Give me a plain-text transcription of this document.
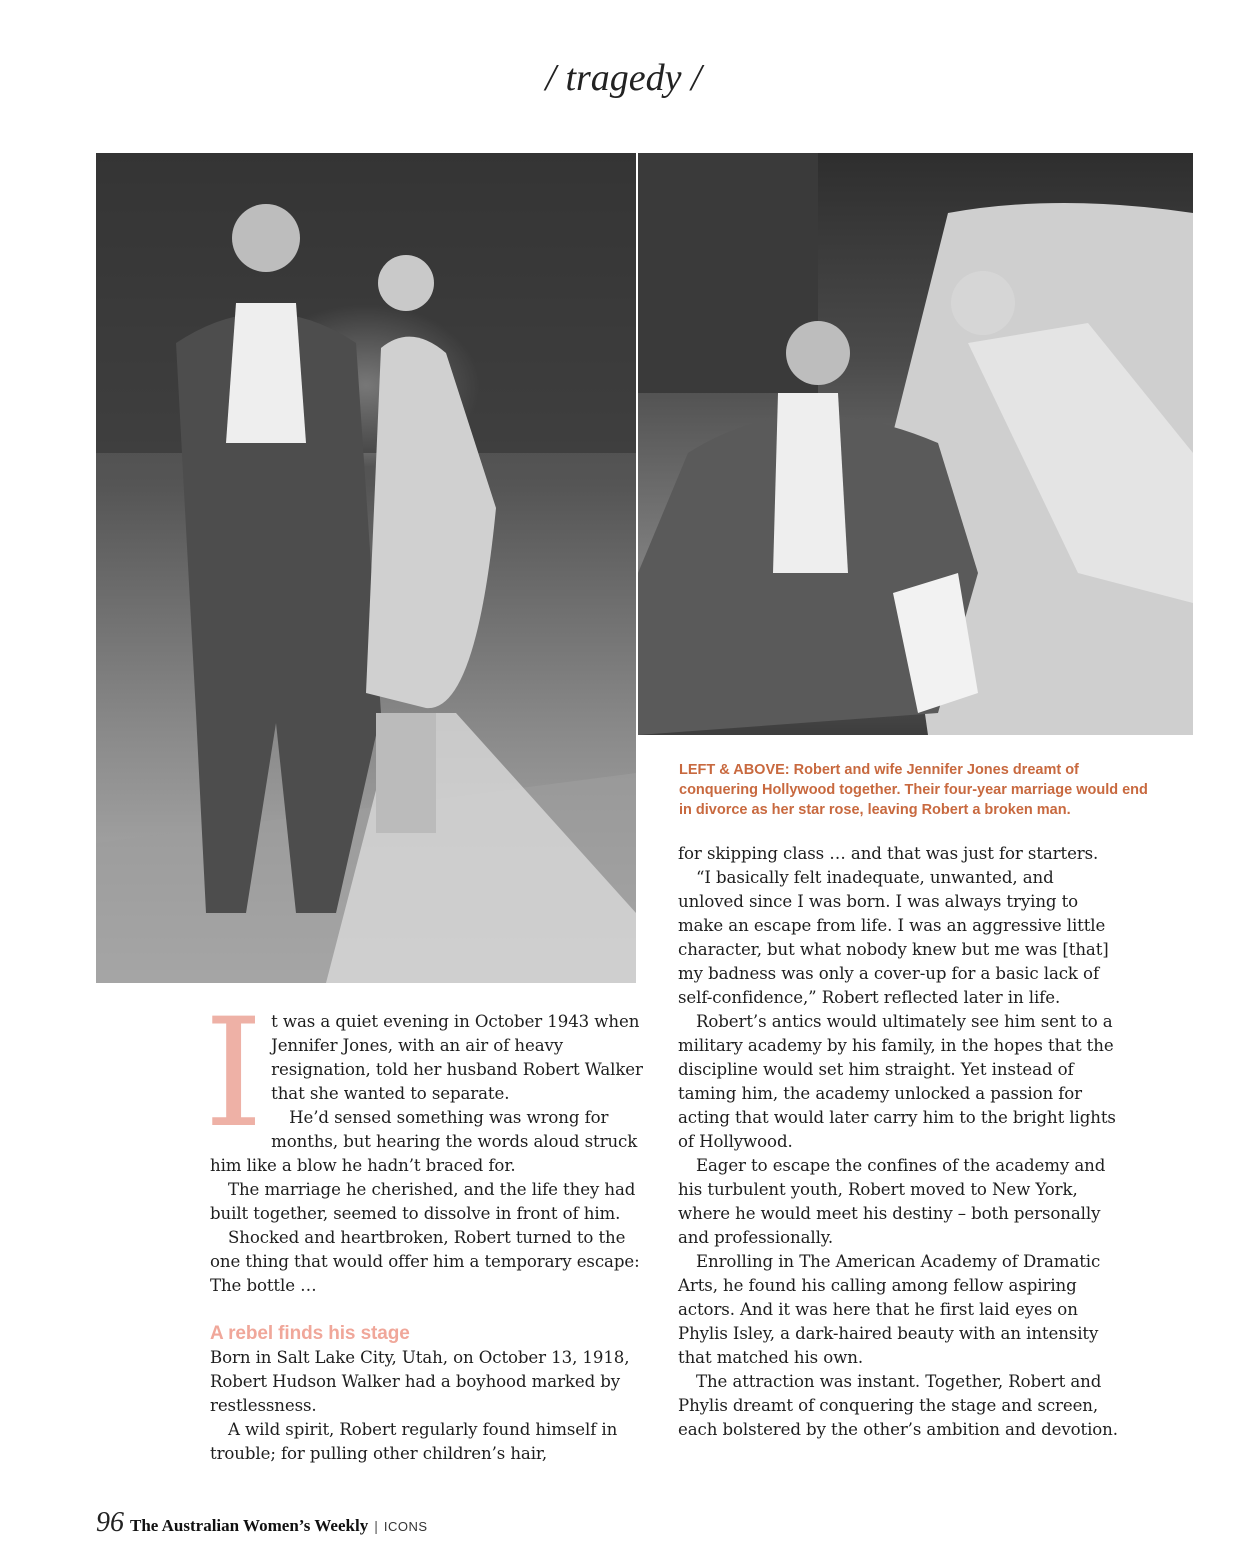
/ tragedy /
LEFT & ABOVE: Robert and wife Jennifer Jones dreamt of conquering Hollywood together. Their four-year marriage would end in divorce as her star rose, leaving Robert a broken man.

It was a quiet evening in October 1943 when Jennifer Jones, with an air of heavy resignation, told her husband Robert Walker that she wanted to separate.

He’d sensed something was wrong for months, but hearing the words aloud struck him like a blow he hadn’t braced for.

The marriage he cherished, and the life they had built together, seemed to dissolve in front of him.

Shocked and heartbroken, Robert turned to the one thing that would offer him a temporary escape: The bottle …

A rebel finds his stage

Born in Salt Lake City, Utah, on October 13, 1918, Robert Hudson Walker had a boyhood marked by restlessness.

A wild spirit, Robert regularly found himself in trouble; for pulling other children’s hair,

for skipping class … and that was just for starters.

“I basically felt inadequate, unwanted, and unloved since I was born. I was always trying to make an escape from life. I was an aggressive little character, but what nobody knew but me was [that] my badness was only a cover-up for a basic lack of self-confidence,” Robert reflected later in life.

Robert’s antics would ultimately see him sent to a military academy by his family, in the hopes that the discipline would set him straight. Yet instead of taming him, the academy unlocked a passion for acting that would later carry him to the bright lights of Hollywood.

Eager to escape the confines of the academy and his turbulent youth, Robert moved to New York, where he would meet his destiny – both personally and professionally.

Enrolling in The American Academy of Dramatic Arts, he found his calling among fellow aspiring actors. And it was here that he first laid eyes on Phylis Isley, a dark-haired beauty with an intensity that matched his own.

The attraction was instant. Together, Robert and Phylis dreamt of conquering the stage and screen, each bolstered by the other’s ambition and devotion.

96 The Australian Women’s Weekly | ICONS
